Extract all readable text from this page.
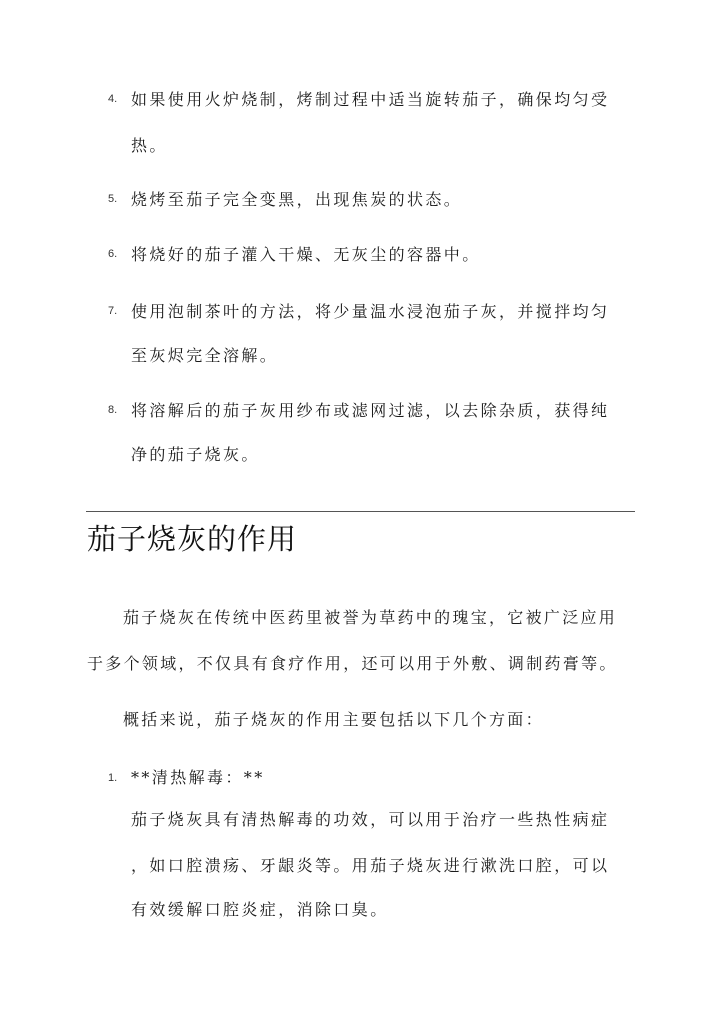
4. 如果使用火炉烧制，烤制过程中适当旋转茄子，确保均匀受
热。
5. 烧烤至茄子完全变黑，出现焦炭的状态。
6. 将烧好的茄子灌入干燥、无灰尘的容器中。
7. 使用泡制茶叶的方法，将少量温水浸泡茄子灰，并搅拌均匀
至灰烬完全溶解。
8. 将溶解后的茄子灰用纱布或滤网过滤，以去除杂质，获得纯
净的茄子烧灰。
茄子烧灰的作用
茄子烧灰在传统中医药里被誉为草药中的瑰宝，它被广泛应用
于多个领域，不仅具有食疗作用，还可以用于外敷、调制药膏等。
概括来说，茄子烧灰的作用主要包括以下几个方面：
1. **清热解毒：**
茄子烧灰具有清热解毒的功效，可以用于治疗一些热性病症
，如口腔溃疡、牙龈炎等。用茄子烧灰进行漱洗口腔，可以
有效缓解口腔炎症，消除口臭。
